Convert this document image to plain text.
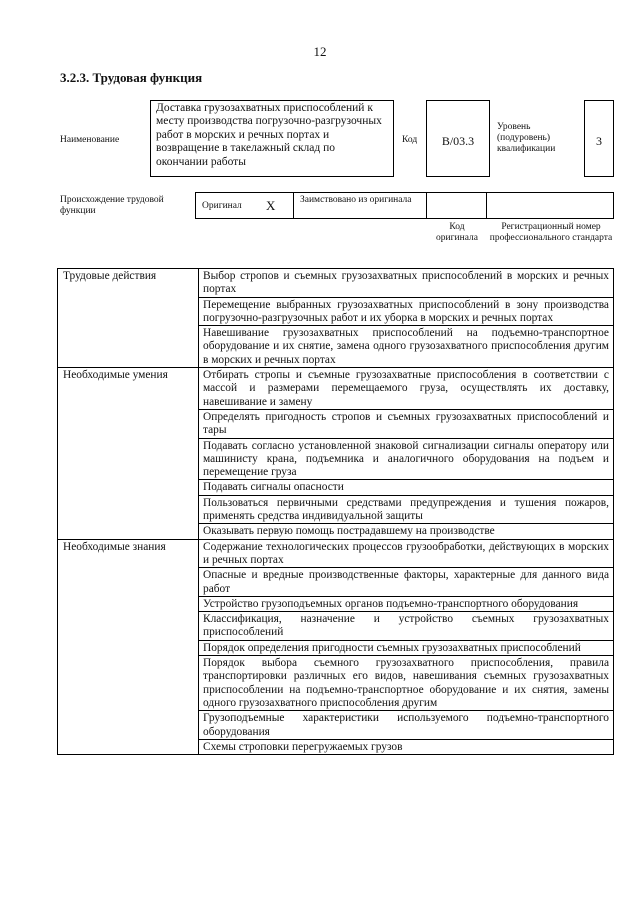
12
3.2.3. Трудовая функция
Наименование
Доставка грузозахватных приспособлений к месту производства погрузочно-разгрузочных работ в морских и речных портах и возвращение в такелажный склад по окончании работы
Код	B/03.3
Уровень (подуровень) квалификации
3
Происхождение трудовой функции	Оригинал X	Заимствовано из оригинала
Код оригинала
Регистрационный номер профессионального стандарта
Трудовые действия	Выбор стропов и съемных грузозахватных приспособлений в морских и речных портах
	Перемещение выбранных грузозахватных приспособлений в зону производства погрузочно-разгрузочных работ и их уборка в морских и речных портах
	Навешивание грузозахватных приспособлений на подъемно-транспортное оборудование и их снятие, замена одного грузозахватного приспособления другим в морских и речных портах
Необходимые умения	Отбирать стропы и съемные грузозахватные приспособления в соответствии с массой и размерами перемещаемого груза, осуществлять их доставку, навешивание и замену
	Определять пригодность стропов и съемных грузозахватных приспособлений и тары
	Подавать согласно установленной знаковой сигнализации сигналы оператору или машинисту крана, подъемника и аналогичного оборудования на подъем и перемещение груза
	Подавать сигналы опасности
	Пользоваться первичными средствами предупреждения и тушения пожаров, применять средства индивидуальной защиты
	Оказывать первую помощь пострадавшему на производстве
Необходимые знания	Содержание технологических процессов грузообработки, действующих в морских и речных портах
	Опасные и вредные производственные факторы, характерные для данного вида работ
	Устройство грузоподъемных органов подъемно-транспортного оборудования
	Классификация, назначение и устройство съемных грузозахватных приспособлений
	Порядок определения пригодности съемных грузозахватных приспособлений
	Порядок выбора съемного грузозахватного приспособления, правила транспортировки различных его видов, навешивания съемных грузозахватных приспособлении на подъемно-транспортное оборудование и их снятия, замены одного грузозахватного приспособления другим
	Грузоподъемные характеристики используемого подъемно-транспортного оборудования
	Схемы строповки перегружаемых грузов
